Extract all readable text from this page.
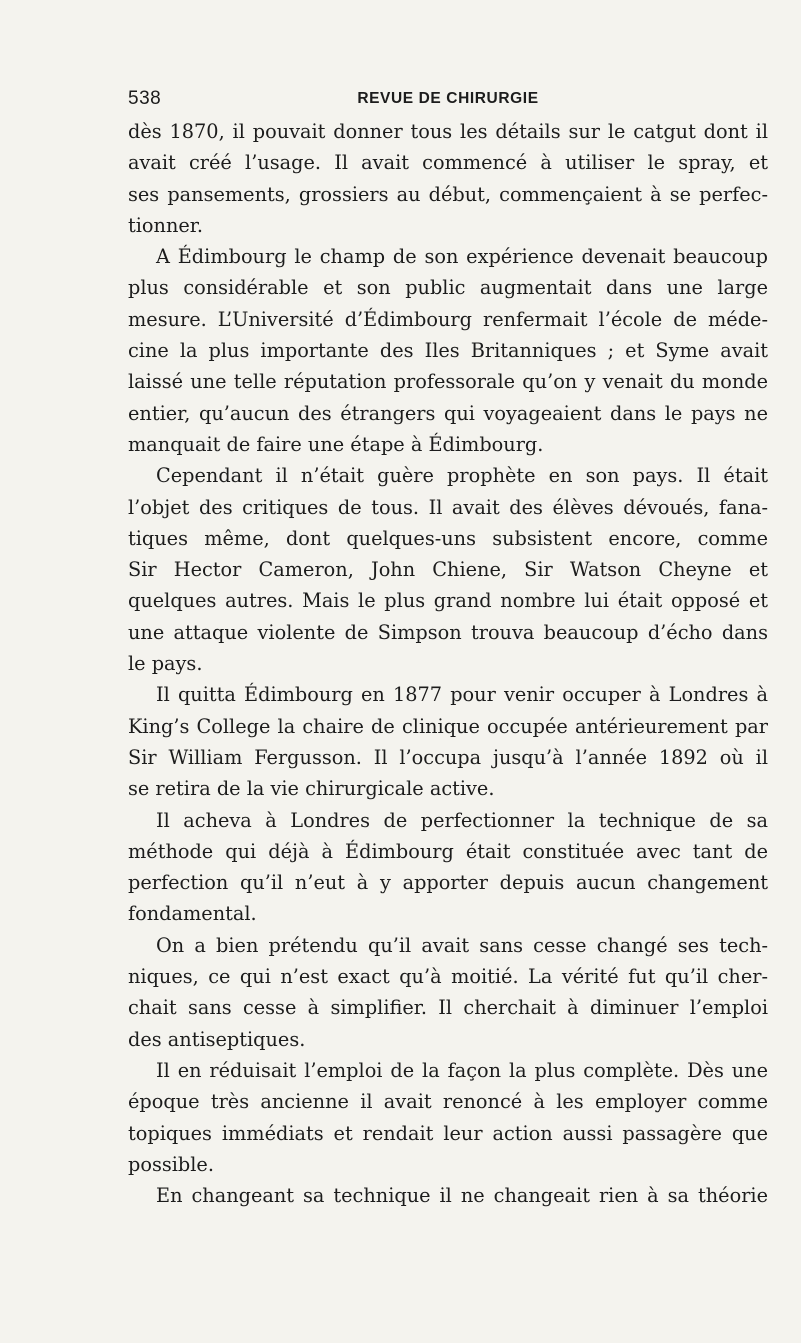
538	REVUE DE CHIRURGIE
dès 1870, il pouvait donner tous les détails sur le catgut dont il
avait créé l’usage. Il avait commencé à utiliser le spray, et
ses pansements, grossiers au début, commençaient à se perfec-
tionner.
A Édimbourg le champ de son expérience devenait beaucoup
plus considérable et son public augmentait dans une large
mesure. L’Université d’Édimbourg renfermait l’école de méde-
cine la plus importante des Iles Britanniques ; et Syme avait
laissé une telle réputation professorale qu’on y venait du monde
entier, qu’aucun des étrangers qui voyageaient dans le pays ne
manquait de faire une étape à Édimbourg.
Cependant il n’était guère prophète en son pays. Il était
l’objet des critiques de tous. Il avait des élèves dévoués, fana-
tiques même, dont quelques-uns subsistent encore, comme
Sir Hector Cameron, John Chiene, Sir Watson Cheyne et
quelques autres. Mais le plus grand nombre lui était opposé et
une attaque violente de Simpson trouva beaucoup d’écho dans
le pays.
Il quitta Édimbourg en 1877 pour venir occuper à Londres à
King’s College la chaire de clinique occupée antérieurement par
Sir William Fergusson. Il l’occupa jusqu’à l’année 1892 où il
se retira de la vie chirurgicale active.
Il acheva à Londres de perfectionner la technique de sa
méthode qui déjà à Édimbourg était constituée avec tant de
perfection qu’il n’eut à y apporter depuis aucun changement
fondamental.
On a bien prétendu qu’il avait sans cesse changé ses tech-
niques, ce qui n’est exact qu’à moitié. La vérité fut qu’il cher-
chait sans cesse à simplifier. Il cherchait à diminuer l’emploi
des antiseptiques.
Il en réduisait l’emploi de la façon la plus complète. Dès une
époque très ancienne il avait renoncé à les employer comme
topiques immédiats et rendait leur action aussi passagère que
possible.
En changeant sa technique il ne changeait rien à sa théorie
